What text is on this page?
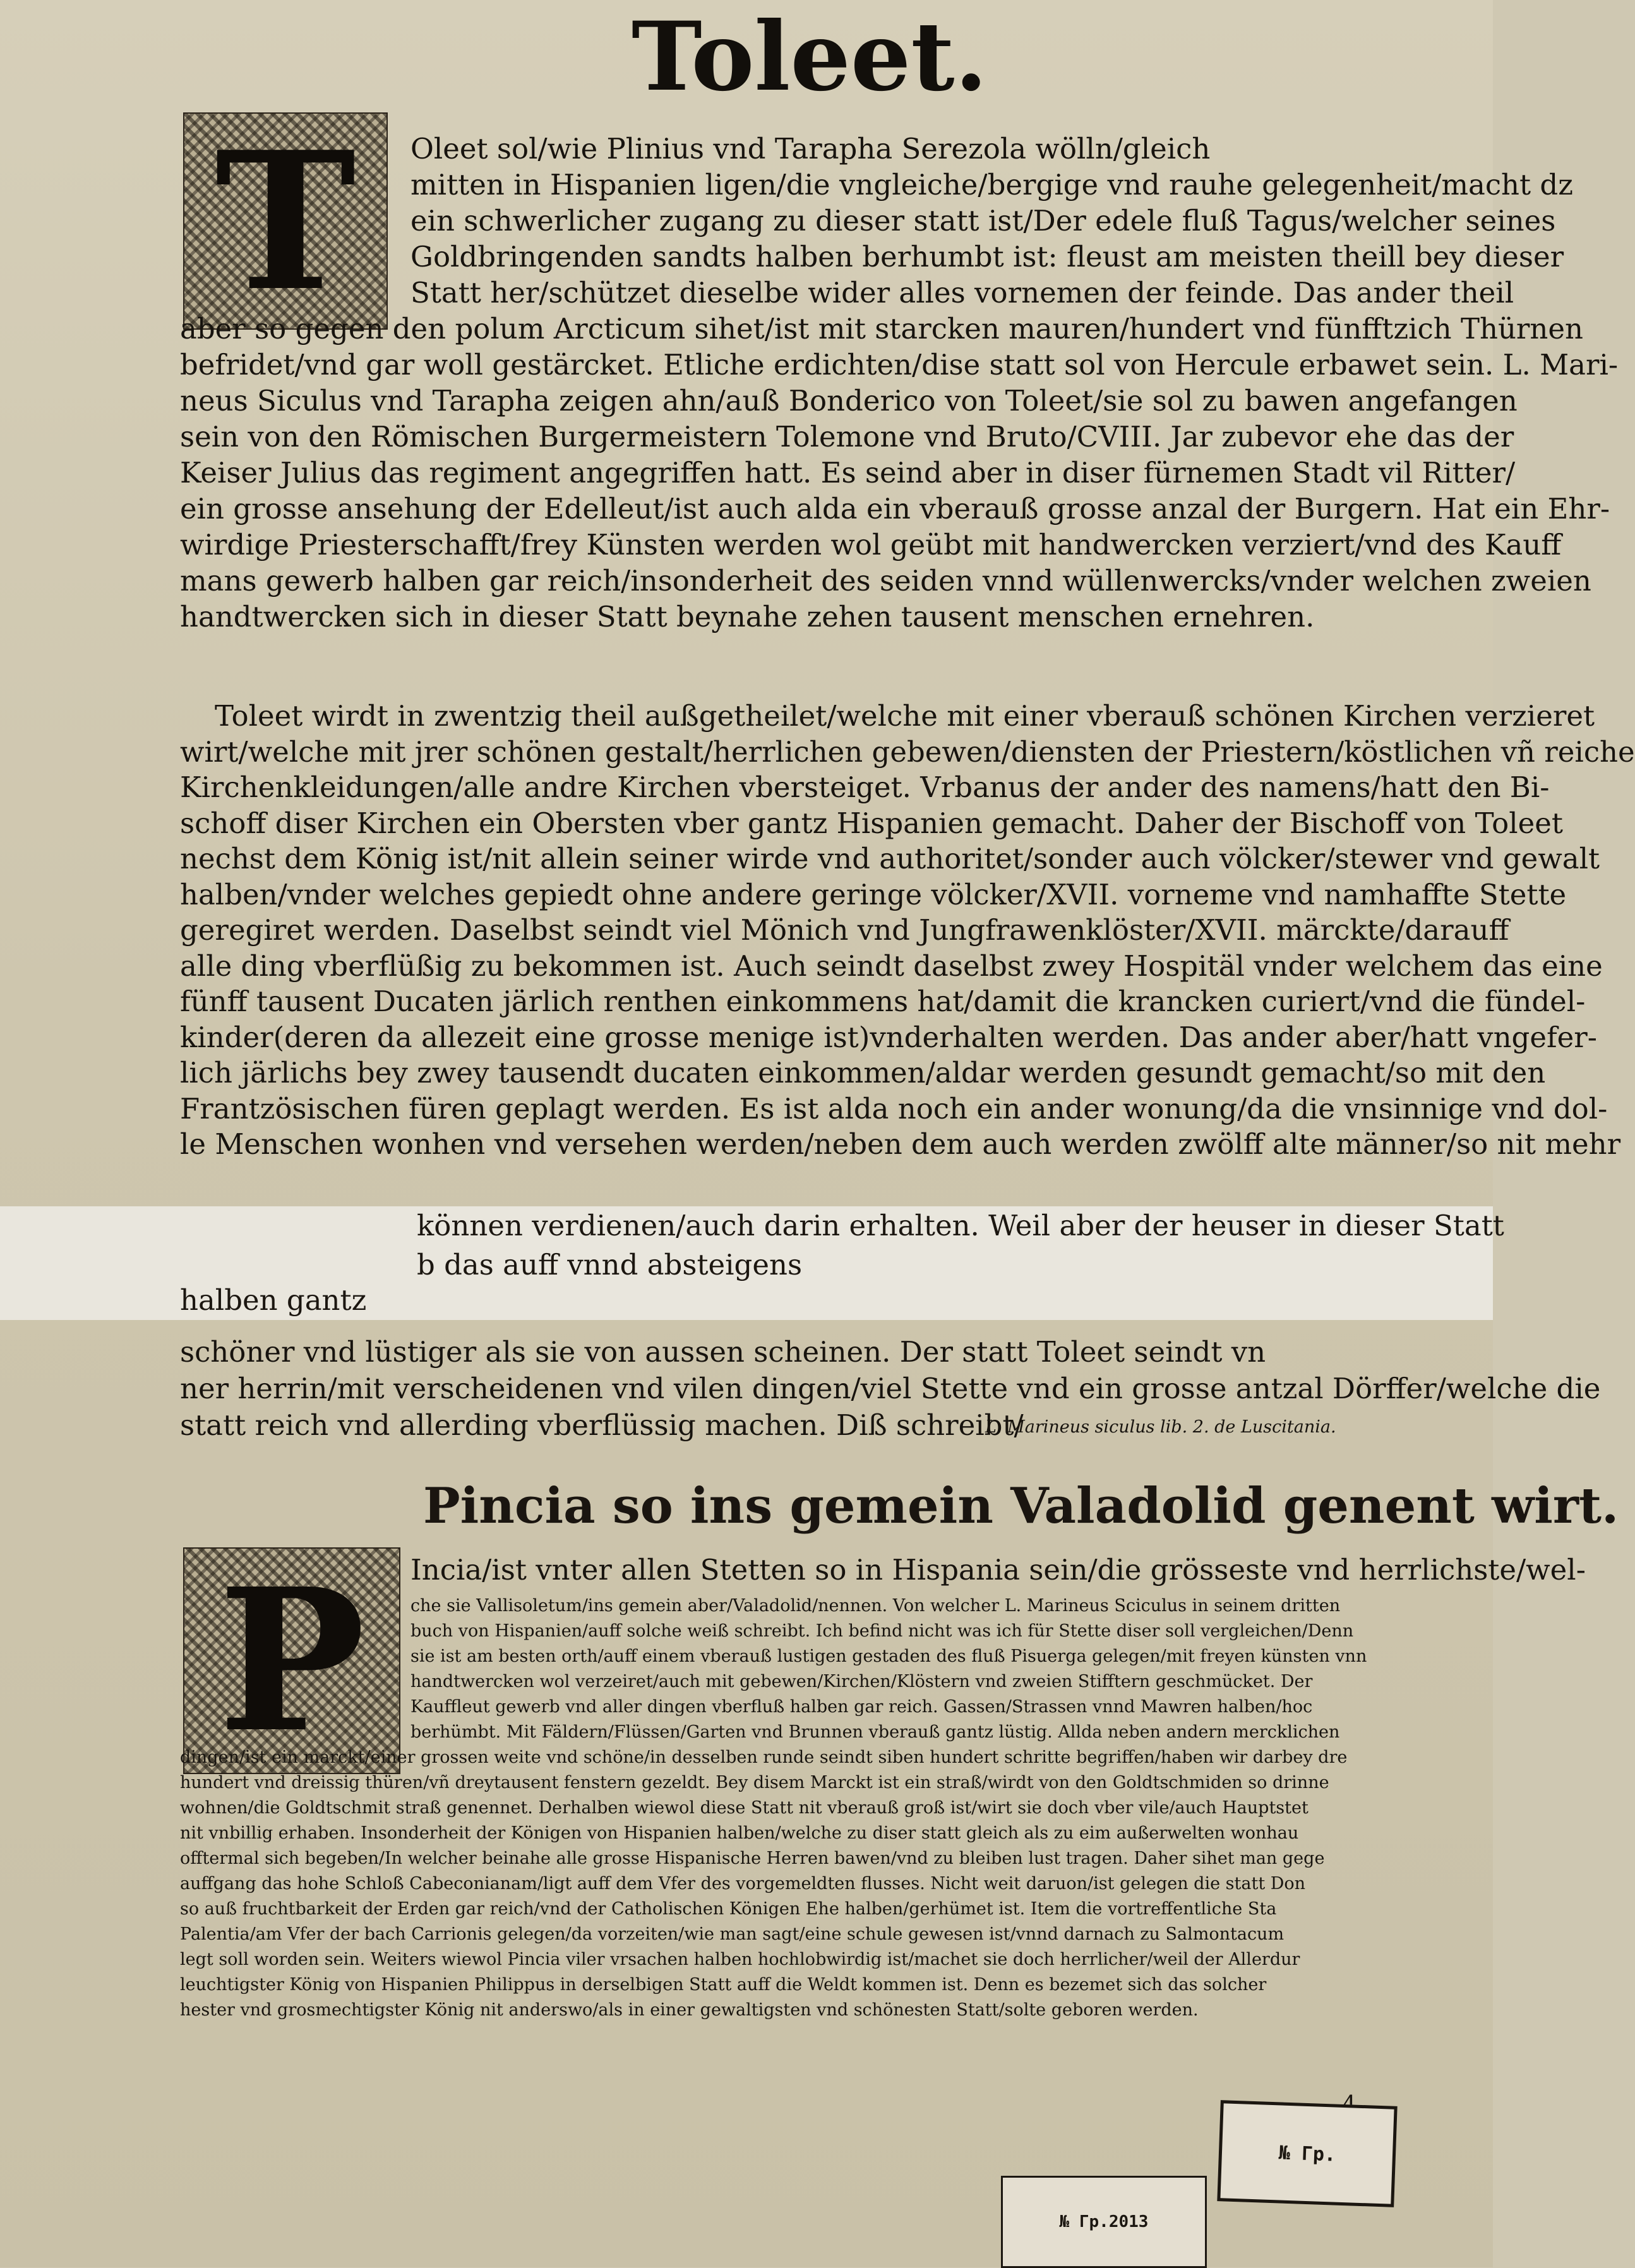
Toleet.
T	Oleet sol/wie Plinius vnd Tarapha Serezola wölln/gleich
mitten in Hispanien ligen/die vngleiche/bergige vnd rauhe gelegenheit/macht dz
ein schwerlicher zugang zu dieser statt ist/Der edele fluß Tagus/welcher seines
Goldbringenden sandts halben berhumbt ist: fleust am meisten theill bey dieser
Statt her/schützet dieselbe wider alles vornemen der feinde. Das ander theil
aber so gegen den polum Arcticum sihet/ist mit starcken mauren/hundert vnd fünfftzich Thürnen
befridet/vnd gar woll gestärcket. Etliche erdichten/dise statt sol von Hercule erbawet sein. L. Mari-
neus Siculus vnd Tarapha zeigen ahn/auß Bonderico von Toleet/sie sol zu bawen angefangen
sein von den Römischen Burgermeistern Tolemone vnd Bruto/CVIII. Jar zubevor ehe das der
Keiser Julius das regiment angegriffen hatt. Es seind aber in diser fürnemen Stadt vil Ritter/
ein grosse ansehung der Edelleut/ist auch alda ein vberauß grosse anzal der Burgern. Hat ein Ehr-
wirdige Priesterschafft/frey Künsten werden wol geübt mit handwercken verziert/vnd des Kauff
mans gewerb halben gar reich/insonderheit des seiden vnnd wüllenwercks/vnder welchen zweien
handtwercken sich in dieser Statt beynahe zehen tausent menschen ernehren.
Toleet wirdt in zwentzig theil außgetheilet/welche mit einer vberauß schönen Kirchen verzieret
wirt/welche mit jrer schönen gestalt/herrlichen gebewen/diensten der Priestern/köstlichen vñ reiche
Kirchenkleidungen/alle andre Kirchen vbersteiget. Vrbanus der ander des namens/hatt den Bi-
schoff diser Kirchen ein Obersten vber gantz Hispanien gemacht. Daher der Bischoff von Toleet
nechst dem König ist/nit allein seiner wirde vnd authoritet/sonder auch völcker/stewer vnd gewalt
halben/vnder welches gepiedt ohne andere geringe völcker/XVII. vorneme vnd namhaffte Stette
geregiret werden. Daselbst seindt viel Mönich vnd Jungfrawenklöster/XVII. märckte/darauff
alle ding vberflüßig zu bekommen ist. Auch seindt daselbst zwey Hospitäl vnder welchem das eine
fünff tausent Ducaten järlich renthen einkommens hat/damit die krancken curiert/vnd die fündel-
kinder(deren da allezeit eine grosse menige ist)vnderhalten werden. Das ander aber/hatt vngefer-
lich järlichs bey zwey tausendt ducaten einkommen/aldar werden gesundt gemacht/so mit den
Frantzösischen füren geplagt werden. Es ist alda noch ein ander wonung/da die vnsinnige vnd dol-
le Menschen wonhen vnd versehen werden/neben dem auch werden zwölff alte männer/so nit mehr
können verdienen/auch darin erhalten. Weil aber der heuser in dieser Statt
b das auff vnnd absteigens
halben gantz
schöner vnd lüstiger als sie von aussen scheinen. Der statt Toleet seindt vn
ner herrin/mit verscheidenen vnd vilen dingen/viel Stette vnd ein grosse antzal Dörffer/welche die
statt reich vnd allerding vberflüssig machen. Diß schreibt/
L. Marineus siculus lib. 2. de Luscitania.
Pincia so ins gemein Valadolid genent wirt.
P	Incia/ist vnter allen Stetten so in Hispania sein/die grösseste vnd herrlichste/wel-
che sie Vallisoletum/ins gemein aber/Valadolid/nennen. Von welcher L. Marineus Sciculus in seinem dritten
buch von Hispanien/auff solche weiß schreibt. Ich befind nicht was ich für Stette diser soll vergleichen/Denn
sie ist am besten orth/auff einem vberauß lustigen gestaden des fluß Pisuerga gelegen/mit freyen künsten vnn
handtwercken wol verzeiret/auch mit gebewen/Kirchen/Klöstern vnd zweien Stifftern geschmücket. Der
Kauffleut gewerb vnd aller dingen vberfluß halben gar reich. Gassen/Strassen vnnd Mawren halben/hoc
berhümbt. Mit Fäldern/Flüssen/Garten vnd Brunnen vberauß gantz lüstig. Allda neben andern mercklichen
dingen/ist ein marckt/einer grossen weite vnd schöne/in desselben runde seindt siben hundert schritte begriffen/haben wir darbey dre
hundert vnd dreissig thüren/vñ dreytausent fenstern gezeldt. Bey disem Marckt ist ein straß/wirdt von den Goldtschmiden so drinne
wohnen/die Goldtschmit straß genennet. Derhalben wiewol diese Statt nit vberauß groß ist/wirt sie doch vber vile/auch Hauptstet
nit vnbillig erhaben. Insonderheit der Königen von Hispanien halben/welche zu diser statt gleich als zu eim außerwelten wonhau
offtermal sich begeben/In welcher beinahe alle grosse Hispanische Herren bawen/vnd zu bleiben lust tragen. Daher sihet man gege
auffgang das hohe Schloß Cabeconianam/ligt auff dem Vfer des vorgemeldten flusses. Nicht weit daruon/ist gelegen die statt Don
so auß fruchtbarkeit der Erden gar reich/vnd der Catholischen Königen Ehe halben/gerhümet ist. Item die vortreffentliche Sta
Palentia/am Vfer der bach Carrionis gelegen/da vorzeiten/wie man sagt/eine schule gewesen ist/vnnd darnach zu Salmontacum
legt soll worden sein. Weiters wiewol Pincia viler vrsachen halben hochlobwirdig ist/machet sie doch herrlicher/weil der Allerdur
leuchtigster König von Hispanien Philippus in derselbigen Statt auff die Weldt kommen ist. Denn es bezemet sich das solcher
hester vnd grosmechtigster König nit anderswo/als in einer gewaltigsten vnd schönesten Statt/solte geboren werden.
№ Гр.
№ Гр.2013
